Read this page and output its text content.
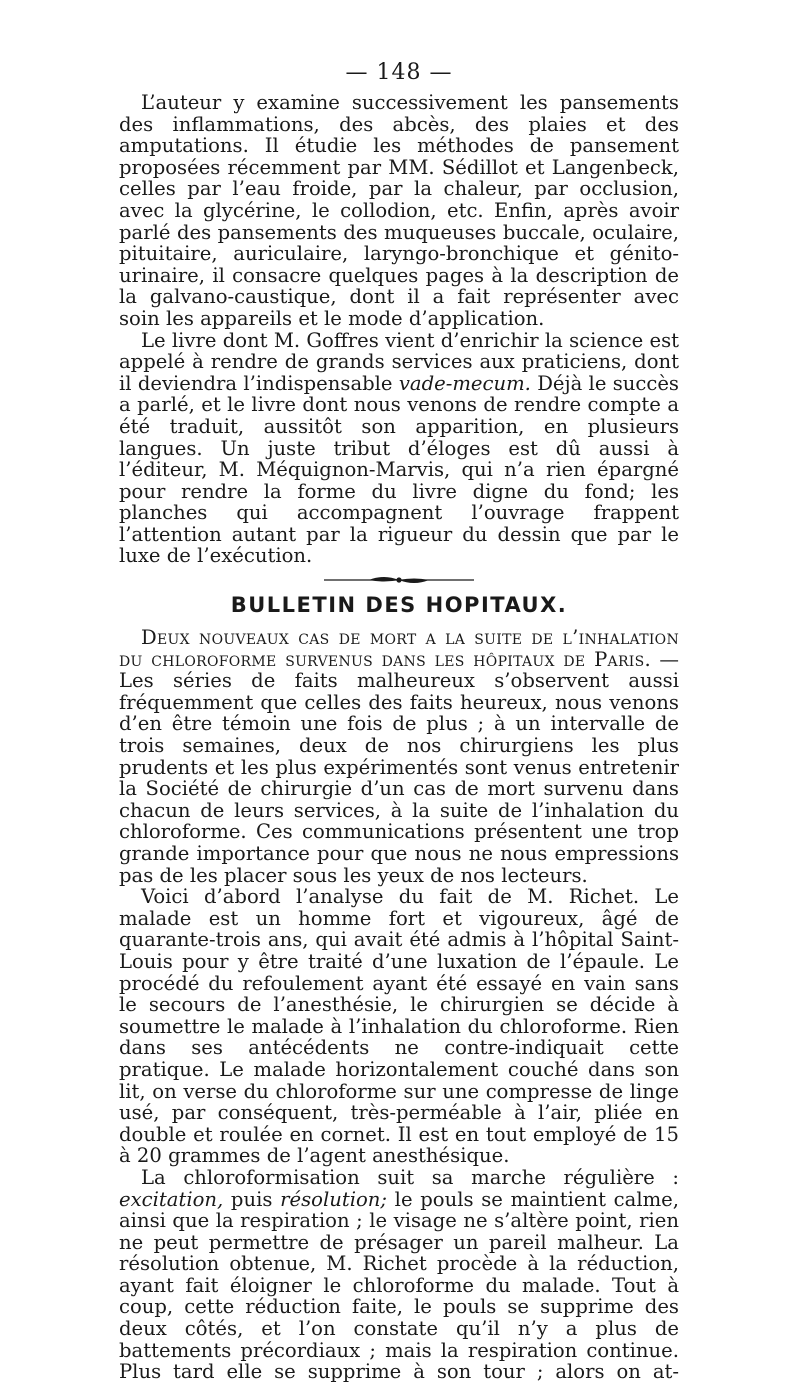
— 148 —

L’auteur y examine successivement les pansements des inflammations, des abcès, des plaies et des amputations. Il étudie les méthodes de pansement proposées récemment par MM. Sédillot et Langenbeck, celles par l’eau froide, par la chaleur, par occlusion, avec la glycérine, le collodion, etc. Enfin, après avoir parlé des pansements des muqueuses buccale, oculaire, pituitaire, auriculaire, laryngo-bronchique et génito-urinaire, il consacre quelques pages à la description de la galvano-caustique, dont il a fait représenter avec soin les appareils et le mode d’application.

Le livre dont M. Goffres vient d’enrichir la science est appelé à rendre de grands services aux praticiens, dont il deviendra l’indispensable vade-mecum. Déjà le succès a parlé, et le livre dont nous venons de rendre compte a été traduit, aussitôt son apparition, en plusieurs langues. Un juste tribut d’éloges est dû aussi à l’éditeur, M. Méquignon-Marvis, qui n’a rien épargné pour rendre la forme du livre digne du fond; les planches qui accompagnent l’ouvrage frappent l’attention autant par la rigueur du dessin que par le luxe de l’exécution.

BULLETIN DES HOPITAUX.

Deux nouveaux cas de mort a la suite de l’inhalation du chloroforme survenus dans les hôpitaux de Paris. — Les séries de faits malheureux s’observent aussi fréquemment que celles des faits heureux, nous venons d’en être témoin une fois de plus ; à un intervalle de trois semaines, deux de nos chirurgiens les plus prudents et les plus expérimentés sont venus entretenir la Société de chirurgie d’un cas de mort survenu dans chacun de leurs services, à la suite de l’inhalation du chloroforme. Ces communications présentent une trop grande importance pour que nous ne nous empressions pas de les placer sous les yeux de nos lecteurs.

Voici d’abord l’analyse du fait de M. Richet. Le malade est un homme fort et vigoureux, âgé de quarante-trois ans, qui avait été admis à l’hôpital Saint-Louis pour y être traité d’une luxation de l’épaule. Le procédé du refoulement ayant été essayé en vain sans le secours de l’anesthésie, le chirurgien se décide à soumettre le malade à l’inhalation du chloroforme. Rien dans ses antécédents ne contre-indiquait cette pratique. Le malade horizontalement couché dans son lit, on verse du chloroforme sur une compresse de linge usé, par conséquent, très-perméable à l’air, pliée en double et roulée en cornet. Il est en tout employé de 15 à 20 grammes de l’agent anesthésique.

La chloroformisation suit sa marche régulière : excitation, puis résolution; le pouls se maintient calme, ainsi que la respiration ; le visage ne s’altère point, rien ne peut permettre de présager un pareil malheur. La résolution obtenue, M. Richet procède à la réduction, ayant fait éloigner le chloroforme du malade. Tout à coup, cette réduction faite, le pouls se supprime des deux côtés, et l’on constate qu’il n’y a plus de battements précordiaux ; mais la respiration continue. Plus tard elle se supprime à son tour ; alors on at-
